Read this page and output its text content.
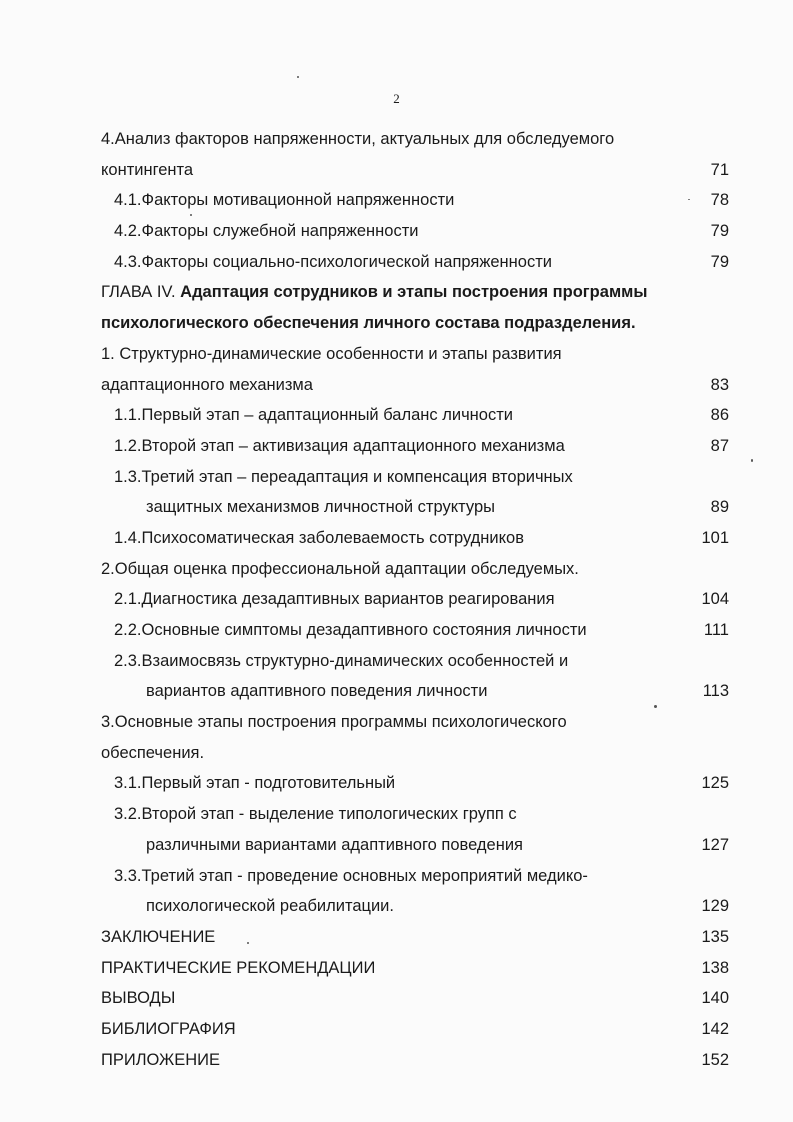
2
4.Анализ факторов напряженности, актуальных для обследуемого
контингента	71
4.1.Факторы мотивационной напряженности	78
4.2.Факторы служебной напряженности	79
4.3.Факторы социально-психологической напряженности	79
ГЛАВА IV. Адаптация сотрудников и этапы построения программы
психологического обеспечения личного состава подразделения.
1. Структурно-динамические особенности и этапы развития
адаптационного механизма	83
1.1.Первый этап – адаптационный баланс личности	86
1.2.Второй этап – активизация адаптационного механизма	87
1.3.Третий этап – переадаптация и компенсация вторичных
защитных механизмов личностной структуры	89
1.4.Психосоматическая заболеваемость сотрудников	101
2.Общая оценка профессиональной адаптации обследуемых.
2.1.Диагностика дезадаптивных вариантов реагирования	104
2.2.Основные симптомы дезадаптивного состояния личности	111
2.3.Взаимосвязь структурно-динамических особенностей и
вариантов адаптивного поведения личности	113
3.Основные этапы построения программы психологического
обеспечения.
3.1.Первый этап - подготовительный	125
3.2.Второй этап - выделение типологических групп с
различными вариантами адаптивного поведения	127
3.3.Третий этап - проведение основных мероприятий медико-
психологической реабилитации.	129
ЗАКЛЮЧЕНИЕ	135
ПРАКТИЧЕСКИЕ РЕКОМЕНДАЦИИ	138
ВЫВОДЫ	140
БИБЛИОГРАФИЯ	142
ПРИЛОЖЕНИЕ	152
